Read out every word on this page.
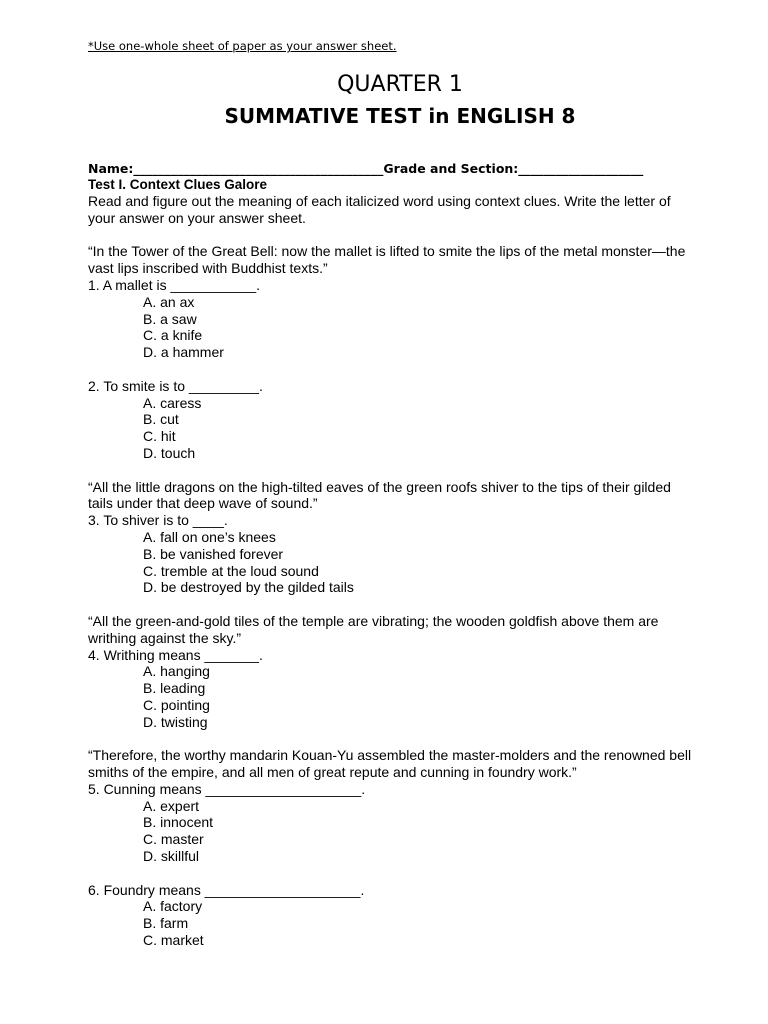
*Use one-whole sheet of paper as your answer sheet.
QUARTER 1
SUMMATIVE TEST in ENGLISH 8
Name:________________________________________Grade and Section:____________________
Test I. Context Clues Galore

Read and figure out the meaning of each italicized word using context clues. Write the letter of your answer on your answer sheet.

“In the Tower of the Great Bell: now the mallet is lifted to smite the lips of the metal monster—the vast lips inscribed with Buddhist texts.”

1. A mallet is ___________.

A. an ax

B. a saw

C. a knife

D. a hammer

2. To smite is to _________.

A. caress

B. cut

C. hit

D. touch

“All the little dragons on the high-tilted eaves of the green roofs shiver to the tips of their gilded tails under that deep wave of sound.”

3. To shiver is to ____.

A. fall on one’s knees

B. be vanished forever

C. tremble at the loud sound

D. be destroyed by the gilded tails

“All the green-and-gold tiles of the temple are vibrating; the wooden goldfish above them are writhing against the sky.”

4. Writhing means _______.

A. hanging

B. leading

C. pointing

D. twisting

“Therefore, the worthy mandarin Kouan-Yu assembled the master-molders and the renowned bell smiths of the empire, and all men of great repute and cunning in foundry work.”

5. Cunning means ____________________.

A. expert

B. innocent

C. master

D. skillful

6. Foundry means ____________________.

A. factory

B. farm

C. market
